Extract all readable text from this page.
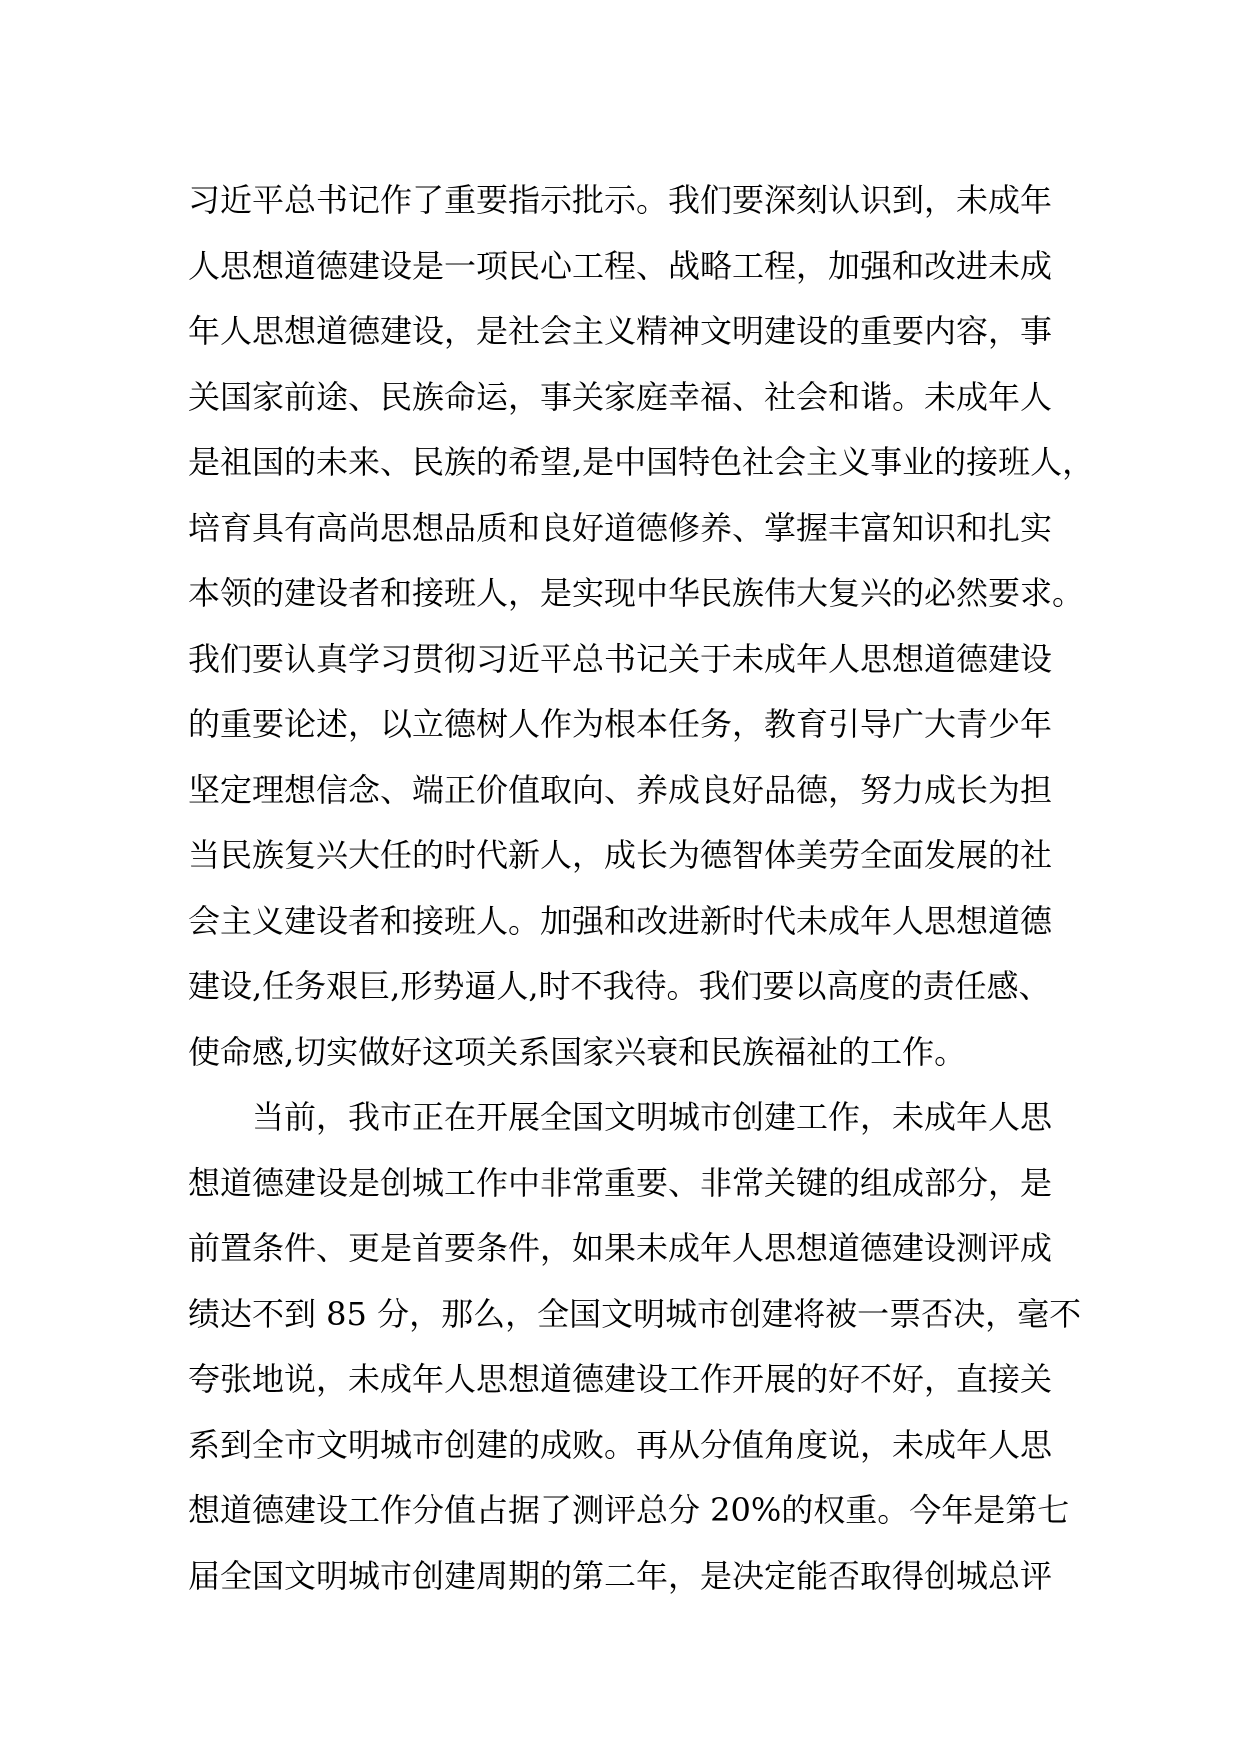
习近平总书记作了重要指示批示。我们要深刻认识到，未成年
人思想道德建设是一项民心工程、战略工程，加强和改进未成
年人思想道德建设，是社会主义精神文明建设的重要内容，事
关国家前途、民族命运，事关家庭幸福、社会和谐。未成年人
是祖国的未来、民族的希望,是中国特色社会主义事业的接班人，
培育具有高尚思想品质和良好道德修养、掌握丰富知识和扎实
本领的建设者和接班人，是实现中华民族伟大复兴的必然要求。
我们要认真学习贯彻习近平总书记关于未成年人思想道德建设
的重要论述，以立德树人作为根本任务，教育引导广大青少年
坚定理想信念、端正价值取向、养成良好品德，努力成长为担
当民族复兴大任的时代新人，成长为德智体美劳全面发展的社
会主义建设者和接班人。加强和改进新时代未成年人思想道德
建设,任务艰巨,形势逼人,时不我待。我们要以高度的责任感、
使命感,切实做好这项关系国家兴衰和民族福祉的工作。
当前，我市正在开展全国文明城市创建工作，未成年人思
想道德建设是创城工作中非常重要、非常关键的组成部分，是
前置条件、更是首要条件，如果未成年人思想道德建设测评成
绩达不到 85 分，那么，全国文明城市创建将被一票否决，毫不
夸张地说，未成年人思想道德建设工作开展的好不好，直接关
系到全市文明城市创建的成败。再从分值角度说，未成年人思
想道德建设工作分值占据了测评总分 20%的权重。今年是第七
届全国文明城市创建周期的第二年，是决定能否取得创城总评
